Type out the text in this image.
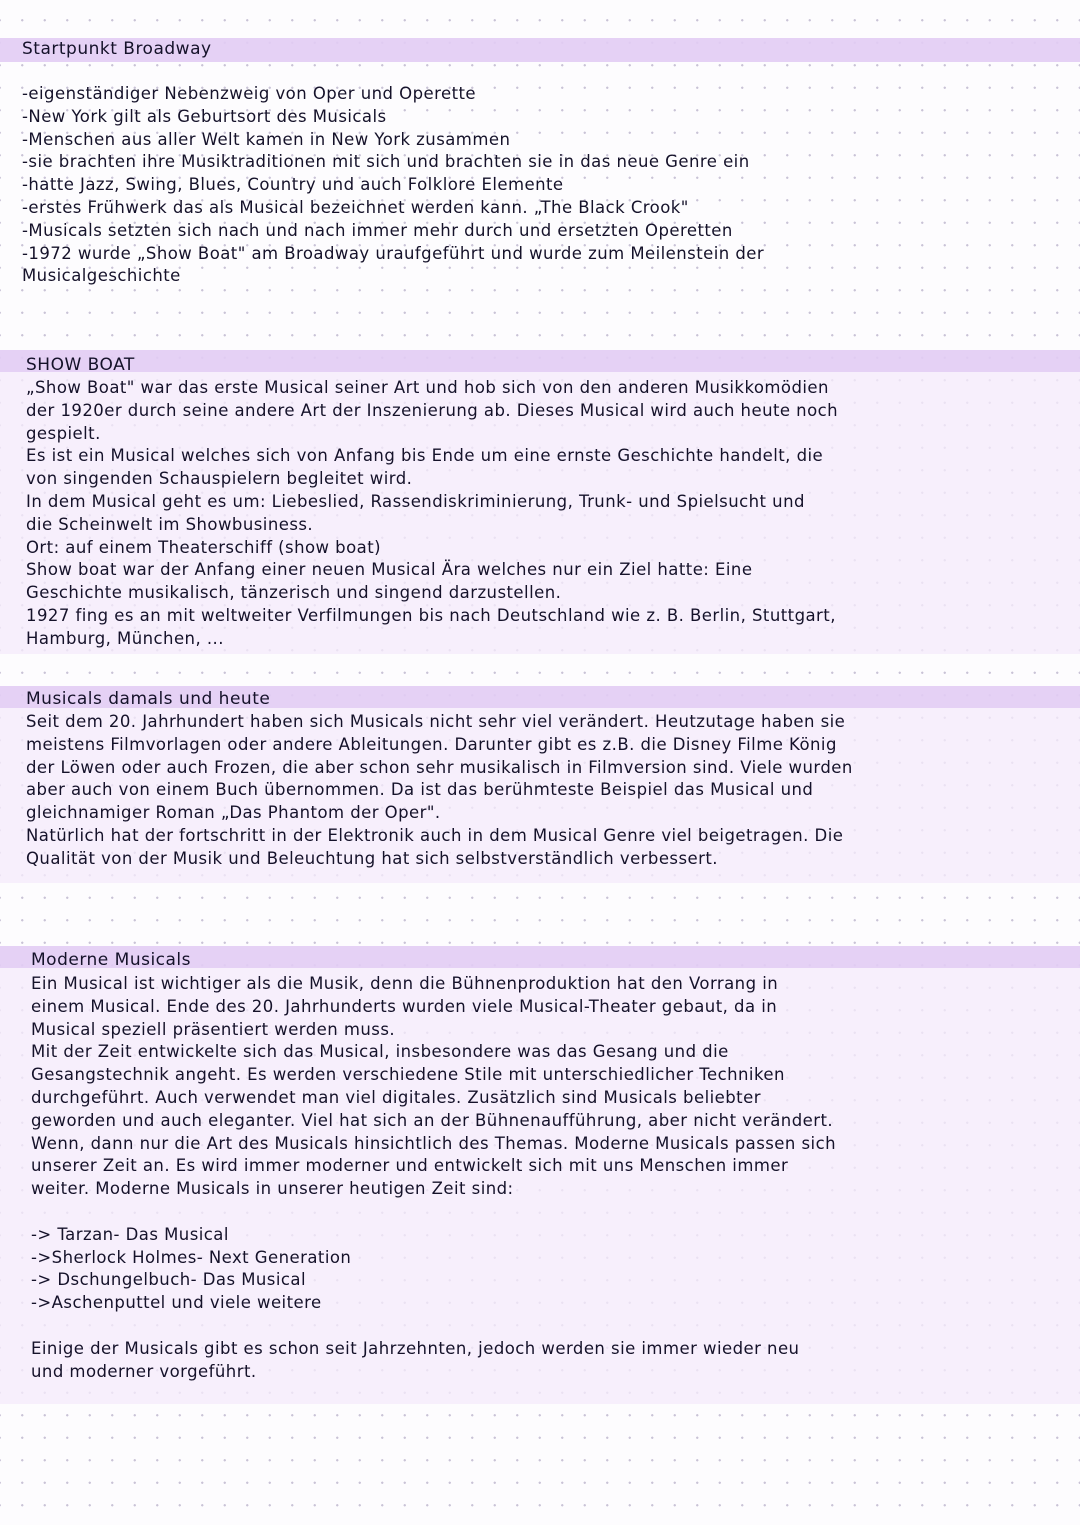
Startpunkt Broadway
-eigenständiger Nebenzweig von Oper und Operette
-New York gilt als Geburtsort des Musicals
-Menschen aus aller Welt kamen in New York zusammen
-sie brachten ihre Musiktraditionen mit sich und brachten sie in das neue Genre ein
-hatte Jazz, Swing, Blues, Country und auch Folklore Elemente
-erstes Frühwerk das als Musical bezeichnet werden kann. „The Black Crook"
-Musicals setzten sich nach und nach immer mehr durch und ersetzten Operetten
-1972 wurde „Show Boat" am Broadway uraufgeführt und wurde zum Meilenstein der
Musicalgeschichte
SHOW BOAT
„Show Boat" war das erste Musical seiner Art und hob sich von den anderen Musikkomödien
der 1920er durch seine andere Art der Inszenierung ab. Dieses Musical wird auch heute noch
gespielt.
Es ist ein Musical welches sich von Anfang bis Ende um eine ernste Geschichte handelt, die
von singenden Schauspielern begleitet wird.
In dem Musical geht es um: Liebeslied, Rassendiskriminierung, Trunk- und Spielsucht und
die Scheinwelt im Showbusiness.
Ort: auf einem Theaterschiff (show boat)
Show boat war der Anfang einer neuen Musical Ära welches nur ein Ziel hatte: Eine
Geschichte musikalisch, tänzerisch und singend darzustellen.
1927 fing es an mit weltweiter Verfilmungen bis nach Deutschland wie z. B. Berlin, Stuttgart,
Hamburg, München, ...
Musicals damals und heute
Seit dem 20. Jahrhundert haben sich Musicals nicht sehr viel verändert. Heutzutage haben sie
meistens Filmvorlagen oder andere Ableitungen. Darunter gibt es z.B. die Disney Filme König
der Löwen oder auch Frozen, die aber schon sehr musikalisch in Filmversion sind. Viele wurden
aber auch von einem Buch übernommen. Da ist das berühmteste Beispiel das Musical und
gleichnamiger Roman „Das Phantom der Oper".
Natürlich hat der fortschritt in der Elektronik auch in dem Musical Genre viel beigetragen. Die
Qualität von der Musik und Beleuchtung hat sich selbstverständlich verbessert.
Moderne Musicals
Ein Musical ist wichtiger als die Musik, denn die Bühnenproduktion hat den Vorrang in
einem Musical. Ende des 20. Jahrhunderts wurden viele Musical-Theater gebaut, da in
Musical speziell präsentiert werden muss.
Mit der Zeit entwickelte sich das Musical, insbesondere was das Gesang und die
Gesangstechnik angeht. Es werden verschiedene Stile mit unterschiedlicher Techniken
durchgeführt. Auch verwendet man viel digitales. Zusätzlich sind Musicals beliebter
geworden und auch eleganter. Viel hat sich an der Bühnenaufführung, aber nicht verändert.
Wenn, dann nur die Art des Musicals hinsichtlich des Themas. Moderne Musicals passen sich
unserer Zeit an. Es wird immer moderner und entwickelt sich mit uns Menschen immer
weiter. Moderne Musicals in unserer heutigen Zeit sind:
-> Tarzan- Das Musical
->Sherlock Holmes- Next Generation
-> Dschungelbuch- Das Musical
->Aschenputtel und viele weitere
Einige der Musicals gibt es schon seit Jahrzehnten, jedoch werden sie immer wieder neu
und moderner vorgeführt.
